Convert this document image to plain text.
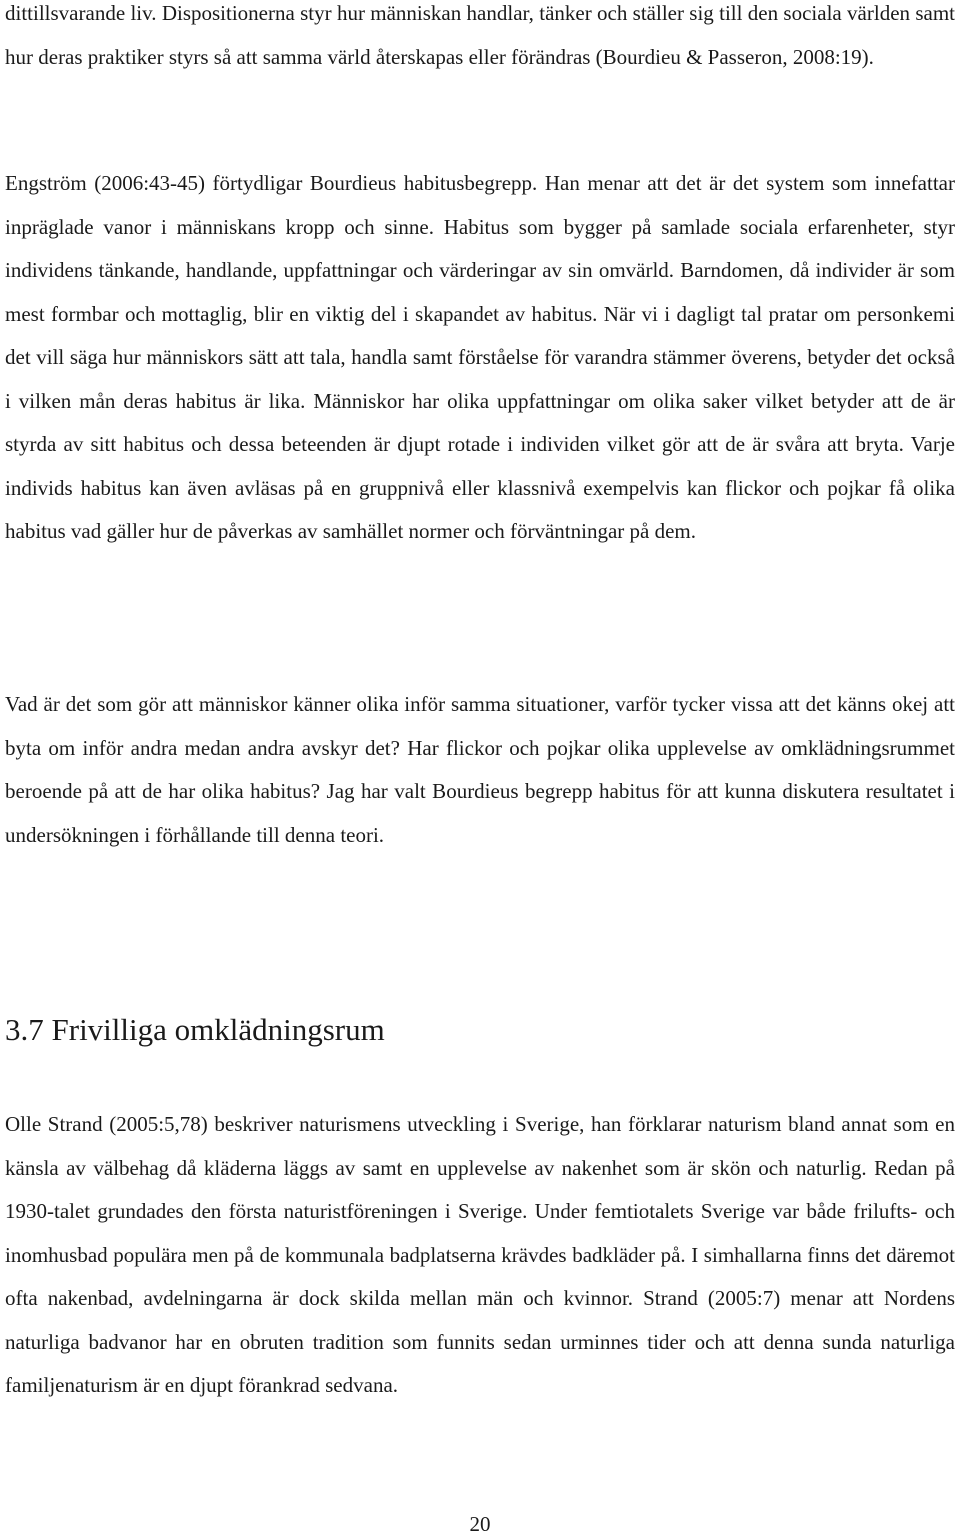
dittillsvarande liv. Dispositionerna styr hur människan handlar, tänker och ställer sig till den sociala världen samt hur deras praktiker styrs så att samma värld återskapas eller förändras (Bourdieu & Passeron, 2008:19).

Engström (2006:43-45) förtydligar Bourdieus habitusbegrepp. Han menar att det är det system som innefattar inpräglade vanor i människans kropp och sinne. Habitus som bygger på samlade sociala erfarenheter, styr individens tänkande, handlande, uppfattningar och värderingar av sin omvärld. Barndomen, då individer är som mest formbar och mottaglig, blir en viktig del i skapandet av habitus. När vi i dagligt tal pratar om personkemi det vill säga hur människors sätt att tala, handla samt förståelse för varandra stämmer överens, betyder det också i vilken mån deras habitus är lika. Människor har olika uppfattningar om olika saker vilket betyder att de är styrda av sitt habitus och dessa beteenden är djupt rotade i individen vilket gör att de är svåra att bryta. Varje individs habitus kan även avläsas på en gruppnivå eller klassnivå exempelvis kan flickor och pojkar få olika habitus vad gäller hur de påverkas av samhället normer och förväntningar på dem.

Vad är det som gör att människor känner olika inför samma situationer, varför tycker vissa att det känns okej att byta om inför andra medan andra avskyr det? Har flickor och pojkar olika upplevelse av omklädningsrummet beroende på att de har olika habitus? Jag har valt Bourdieus begrepp habitus för att kunna diskutera resultatet i undersökningen i förhållande till denna teori.

3.7 Frivilliga omklädningsrum

Olle Strand (2005:5,78) beskriver naturismens utveckling i Sverige, han förklarar naturism bland annat som en känsla av välbehag då kläderna läggs av samt en upplevelse av nakenhet som är skön och naturlig. Redan på 1930-talet grundades den första naturistföreningen i Sverige. Under femtiotalets Sverige var både frilufts- och inomhusbad populära men på de kommunala badplatserna krävdes badkläder på. I simhallarna finns det däremot ofta nakenbad, avdelningarna är dock skilda mellan män och kvinnor. Strand (2005:7) menar att Nordens naturliga badvanor har en obruten tradition som funnits sedan urminnes tider och att denna sunda naturliga familjenaturism är en djupt förankrad sedvana.

20
